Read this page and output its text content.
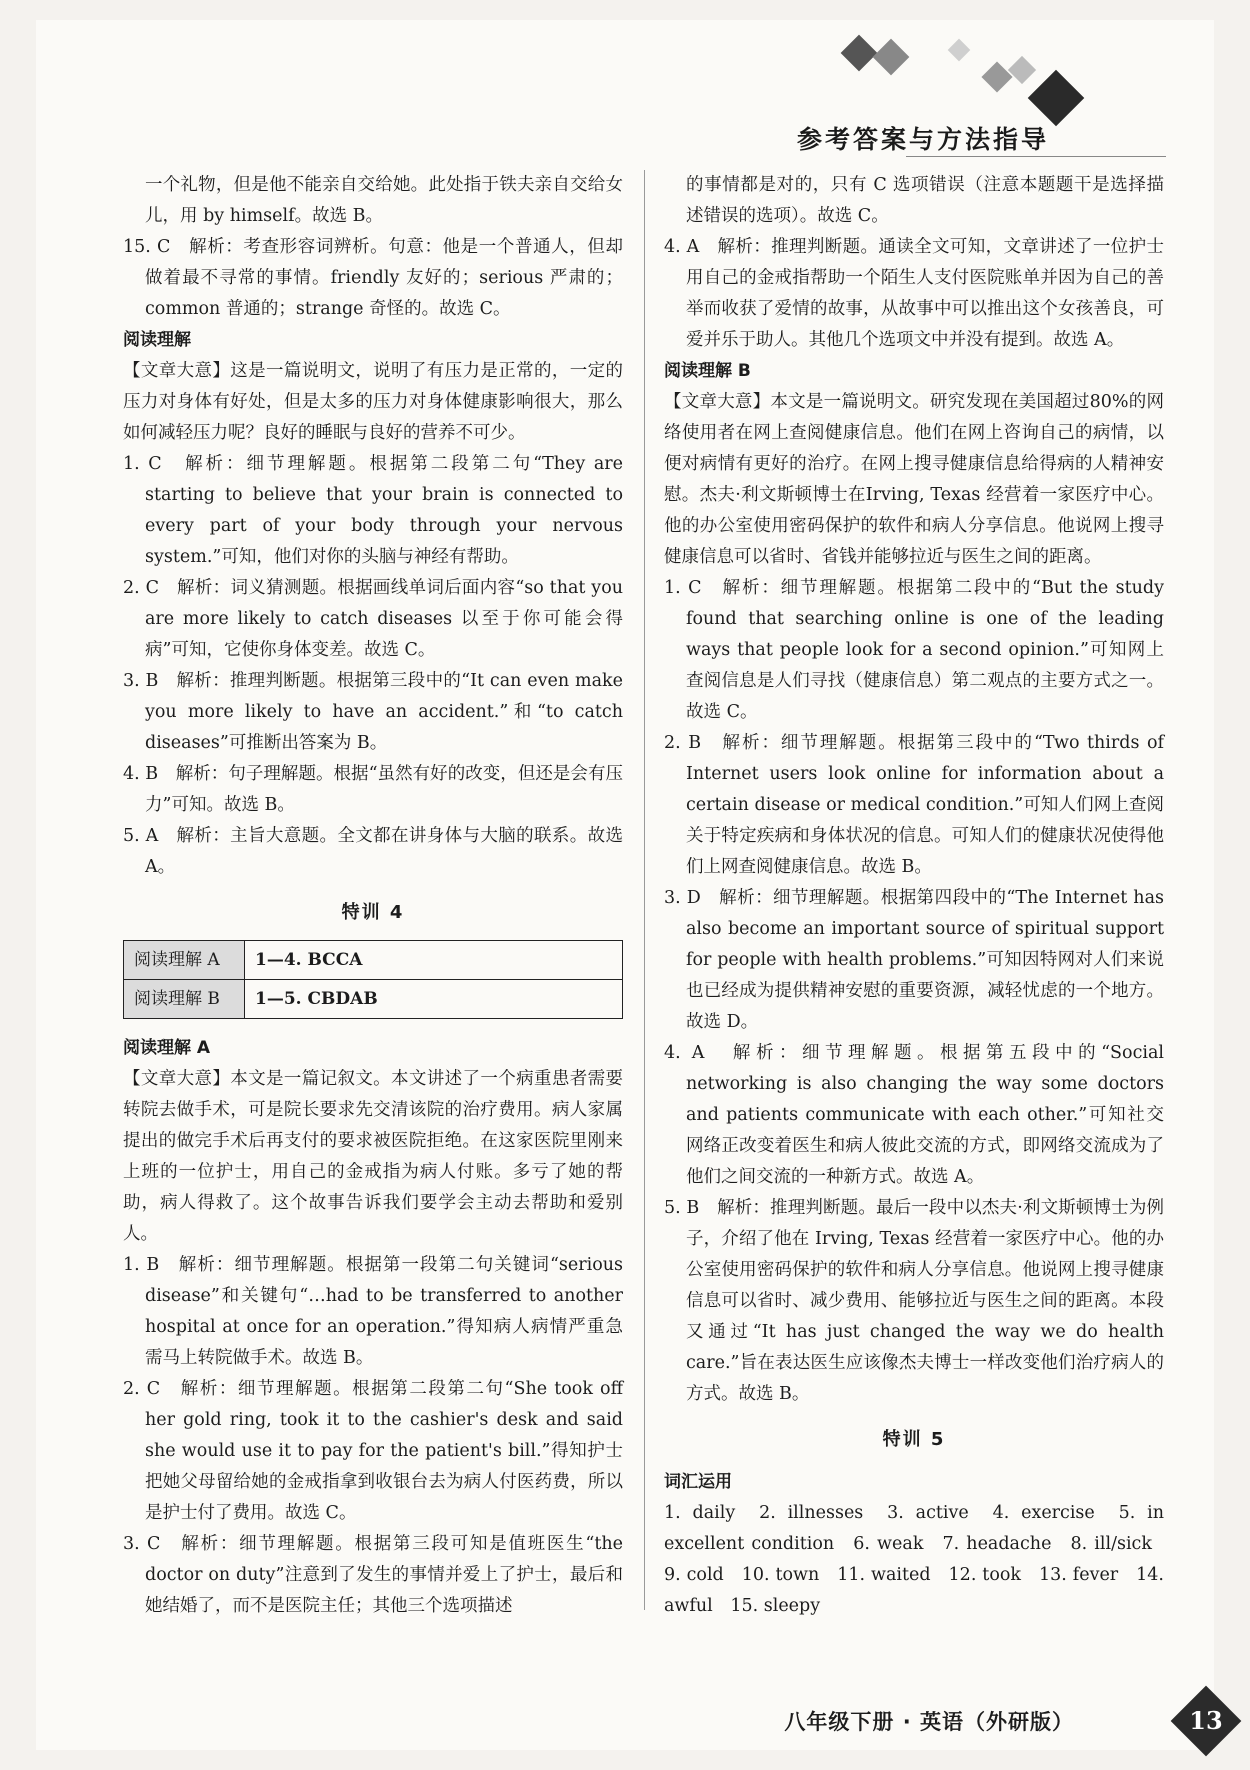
参考答案与方法指导

一个礼物，但是他不能亲自交给她。此处指于铁夫亲自交给女儿，用 by himself。故选 B。

15. C　解析：考查形容词辨析。句意：他是一个普通人，但却做着最不寻常的事情。friendly 友好的；serious 严肃的；common 普通的；strange 奇怪的。故选 C。

阅读理解

【文章大意】这是一篇说明文，说明了有压力是正常的，一定的压力对身体有好处，但是太多的压力对身体健康影响很大，那么如何减轻压力呢？良好的睡眠与良好的营养不可少。

1. C　解析：细节理解题。根据第二段第二句“They are starting to believe that your brain is connected to every part of your body through your nervous system.”可知，他们对你的头脑与神经有帮助。

2. C　解析：词义猜测题。根据画线单词后面内容“so that you are more likely to catch diseases 以至于你可能会得病”可知，它使你身体变差。故选 C。

3. B　解析：推理判断题。根据第三段中的“It can even make you more likely to have an accident.”和“to catch diseases”可推断出答案为 B。

4. B　解析：句子理解题。根据“虽然有好的改变，但还是会有压力”可知。故选 B。

5. A　解析：主旨大意题。全文都在讲身体与大脑的联系。故选 A。

特训 4

阅读理解 A	1—4. BCCA
阅读理解 B	1—5. CBDAB

阅读理解 A

【文章大意】本文是一篇记叙文。本文讲述了一个病重患者需要转院去做手术，可是院长要求先交清该院的治疗费用。病人家属提出的做完手术后再支付的要求被医院拒绝。在这家医院里刚来上班的一位护士，用自己的金戒指为病人付账。多亏了她的帮助，病人得救了。这个故事告诉我们要学会主动去帮助和爱别人。

1. B　解析：细节理解题。根据第一段第二句关键词“serious disease”和关键句“…had to be transferred to another hospital at once for an operation.”得知病人病情严重急需马上转院做手术。故选 B。

2. C　解析：细节理解题。根据第二段第二句“She took off her gold ring, took it to the cashier's desk and said she would use it to pay for the patient's bill.”得知护士把她父母留给她的金戒指拿到收银台去为病人付医药费，所以是护士付了费用。故选 C。

3. C　解析：细节理解题。根据第三段可知是值班医生“the doctor on duty”注意到了发生的事情并爱上了护士，最后和她结婚了，而不是医院主任；其他三个选项描述

的事情都是对的，只有 C 选项错误（注意本题题干是选择描述错误的选项）。故选 C。

4. A　解析：推理判断题。通读全文可知，文章讲述了一位护士用自己的金戒指帮助一个陌生人支付医院账单并因为自己的善举而收获了爱情的故事，从故事中可以推出这个女孩善良，可爱并乐于助人。其他几个选项文中并没有提到。故选 A。

阅读理解 B

【文章大意】本文是一篇说明文。研究发现在美国超过80%的网络使用者在网上查阅健康信息。他们在网上咨询自己的病情，以便对病情有更好的治疗。在网上搜寻健康信息给得病的人精神安慰。杰夫·利文斯顿博士在Irving, Texas 经营着一家医疗中心。他的办公室使用密码保护的软件和病人分享信息。他说网上搜寻健康信息可以省时、省钱并能够拉近与医生之间的距离。

1. C　解析：细节理解题。根据第二段中的“But the study found that searching online is one of the leading ways that people look for a second opinion.”可知网上查阅信息是人们寻找（健康信息）第二观点的主要方式之一。故选 C。

2. B　解析：细节理解题。根据第三段中的“Two thirds of Internet users look online for information about a certain disease or medical condition.”可知人们网上查阅关于特定疾病和身体状况的信息。可知人们的健康状况使得他们上网查阅健康信息。故选 B。

3. D　解析：细节理解题。根据第四段中的“The Internet has also become an important source of spiritual support for people with health problems.”可知因特网对人们来说也已经成为提供精神安慰的重要资源，减轻忧虑的一个地方。故选 D。

4. A　解析：细节理解题。根据第五段中的“Social networking is also changing the way some doctors and patients communicate with each other.”可知社交网络正改变着医生和病人彼此交流的方式，即网络交流成为了他们之间交流的一种新方式。故选 A。

5. B　解析：推理判断题。最后一段中以杰夫·利文斯顿博士为例子，介绍了他在 Irving, Texas 经营着一家医疗中心。他的办公室使用密码保护的软件和病人分享信息。他说网上搜寻健康信息可以省时、减少费用、能够拉近与医生之间的距离。本段又通过“It has just changed the way we do health care.”旨在表达医生应该像杰夫博士一样改变他们治疗病人的方式。故选 B。

特训 5

词汇运用

1. daily 2. illnesses 3. active 4. exercise 5. in excellent condition 6. weak 7. headache 8. ill/sick 9. cold 10. town 11. waited 12. took 13. fever 14. awful 15. sleepy

八年级下册 · 英语（外研版）	13
